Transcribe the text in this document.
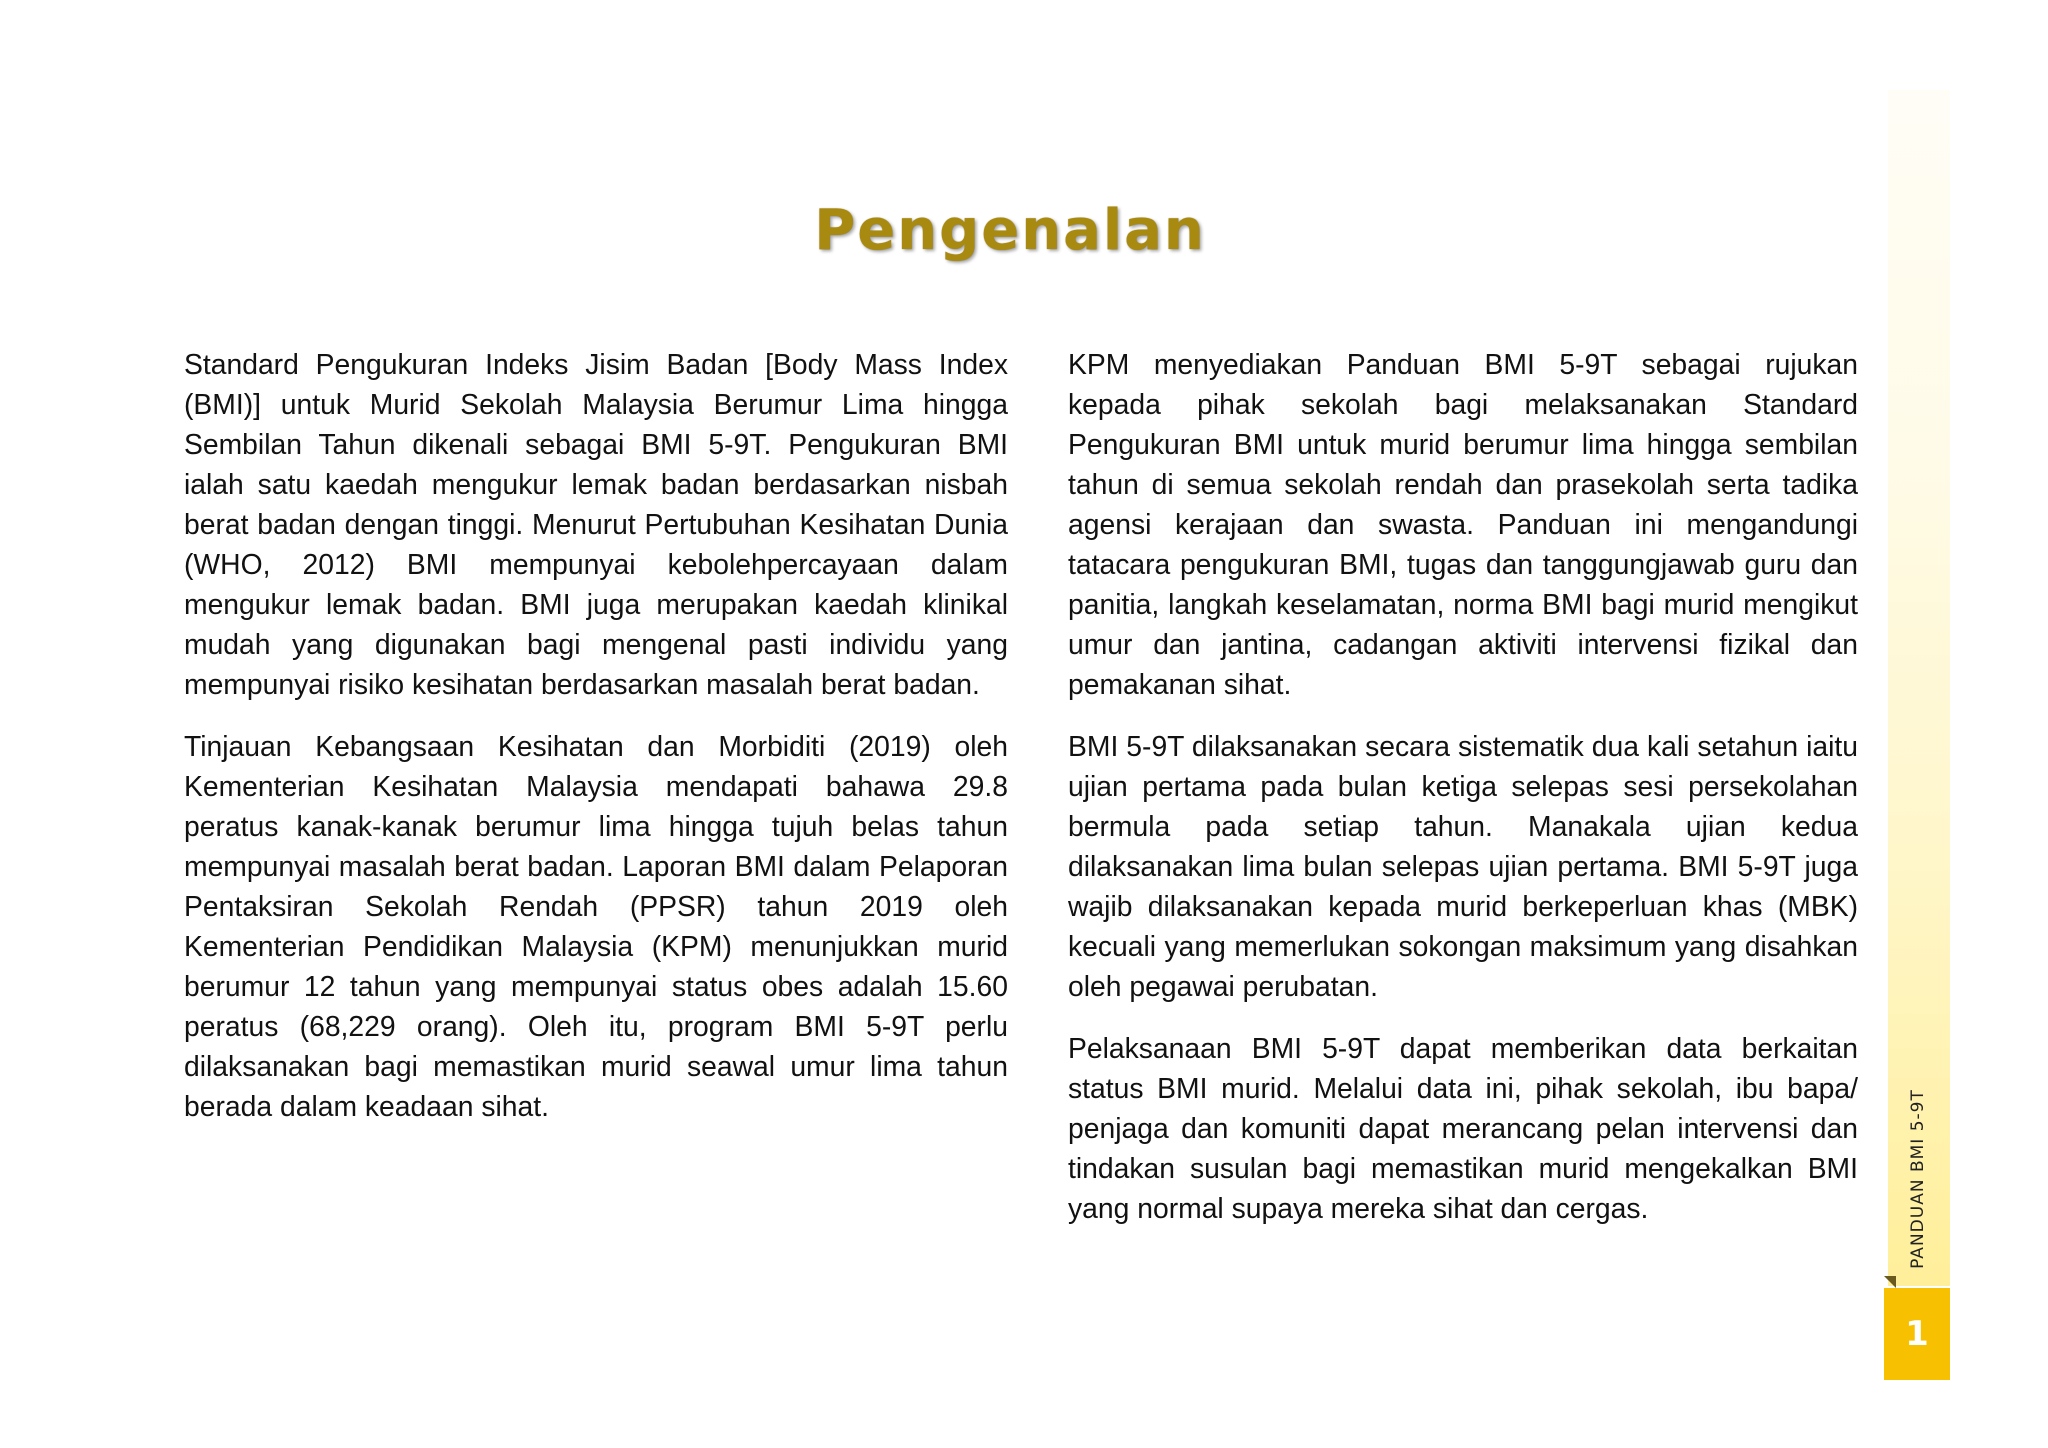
Pengenalan

Standard Pengukuran Indeks Jisim Badan [Body Mass Index (BMI)] untuk Murid Sekolah Malaysia Berumur Lima hingga Sembilan Tahun dikenali sebagai BMI 5-9T. Pengukuran BMI ialah satu kaedah mengukur lemak badan berdasarkan nisbah berat badan dengan tinggi. Menurut Pertubuhan Kesihatan Dunia (WHO, 2012) BMI mempunyai kebolehpercayaan dalam mengukur lemak badan. BMI juga merupakan kaedah klinikal mudah yang digunakan bagi mengenal pasti individu yang mempunyai risiko kesihatan berdasarkan masalah berat badan.

Tinjauan Kebangsaan Kesihatan dan Morbiditi (2019) oleh Kementerian Kesihatan Malaysia mendapati bahawa 29.8 peratus kanak-kanak berumur lima hingga tujuh belas tahun mempunyai masalah berat badan. Laporan BMI dalam Pelaporan Pentaksiran Sekolah Rendah (PPSR) tahun 2019 oleh Kementerian Pendidikan Malaysia (KPM) menunjukkan murid berumur 12 tahun yang mempunyai status obes adalah 15.60 peratus (68,229 orang). Oleh itu, program BMI 5-9T perlu dilaksanakan bagi memastikan murid seawal umur lima tahun berada dalam keadaan sihat.

KPM menyediakan Panduan BMI 5-9T sebagai rujukan kepada pihak sekolah bagi melaksanakan Standard Pengukuran BMI untuk murid berumur lima hingga sembilan tahun di semua sekolah rendah dan prasekolah serta tadika agensi kerajaan dan swasta. Panduan ini mengandungi tatacara pengukuran BMI, tugas dan tanggungjawab guru dan panitia, langkah keselamatan, norma BMI bagi murid mengikut umur dan jantina, cadangan aktiviti intervensi fizikal dan pemakanan sihat.

BMI 5-9T dilaksanakan secara sistematik dua kali setahun iaitu ujian pertama pada bulan ketiga selepas sesi persekolahan bermula pada setiap tahun. Manakala ujian kedua dilaksanakan lima bulan selepas ujian pertama. BMI 5-9T juga wajib dilaksanakan kepada murid berkeperluan khas (MBK) kecuali yang memerlukan sokongan maksimum yang disahkan oleh pegawai perubatan.

Pelaksanaan BMI 5-9T dapat memberikan data berkaitan status BMI murid. Melalui data ini, pihak sekolah, ibu bapa/ penjaga dan komuniti dapat merancang pelan intervensi dan tindakan susulan bagi memastikan murid mengekalkan BMI yang normal supaya mereka sihat dan cergas.	PANDUAN BMI 5-9T
1
